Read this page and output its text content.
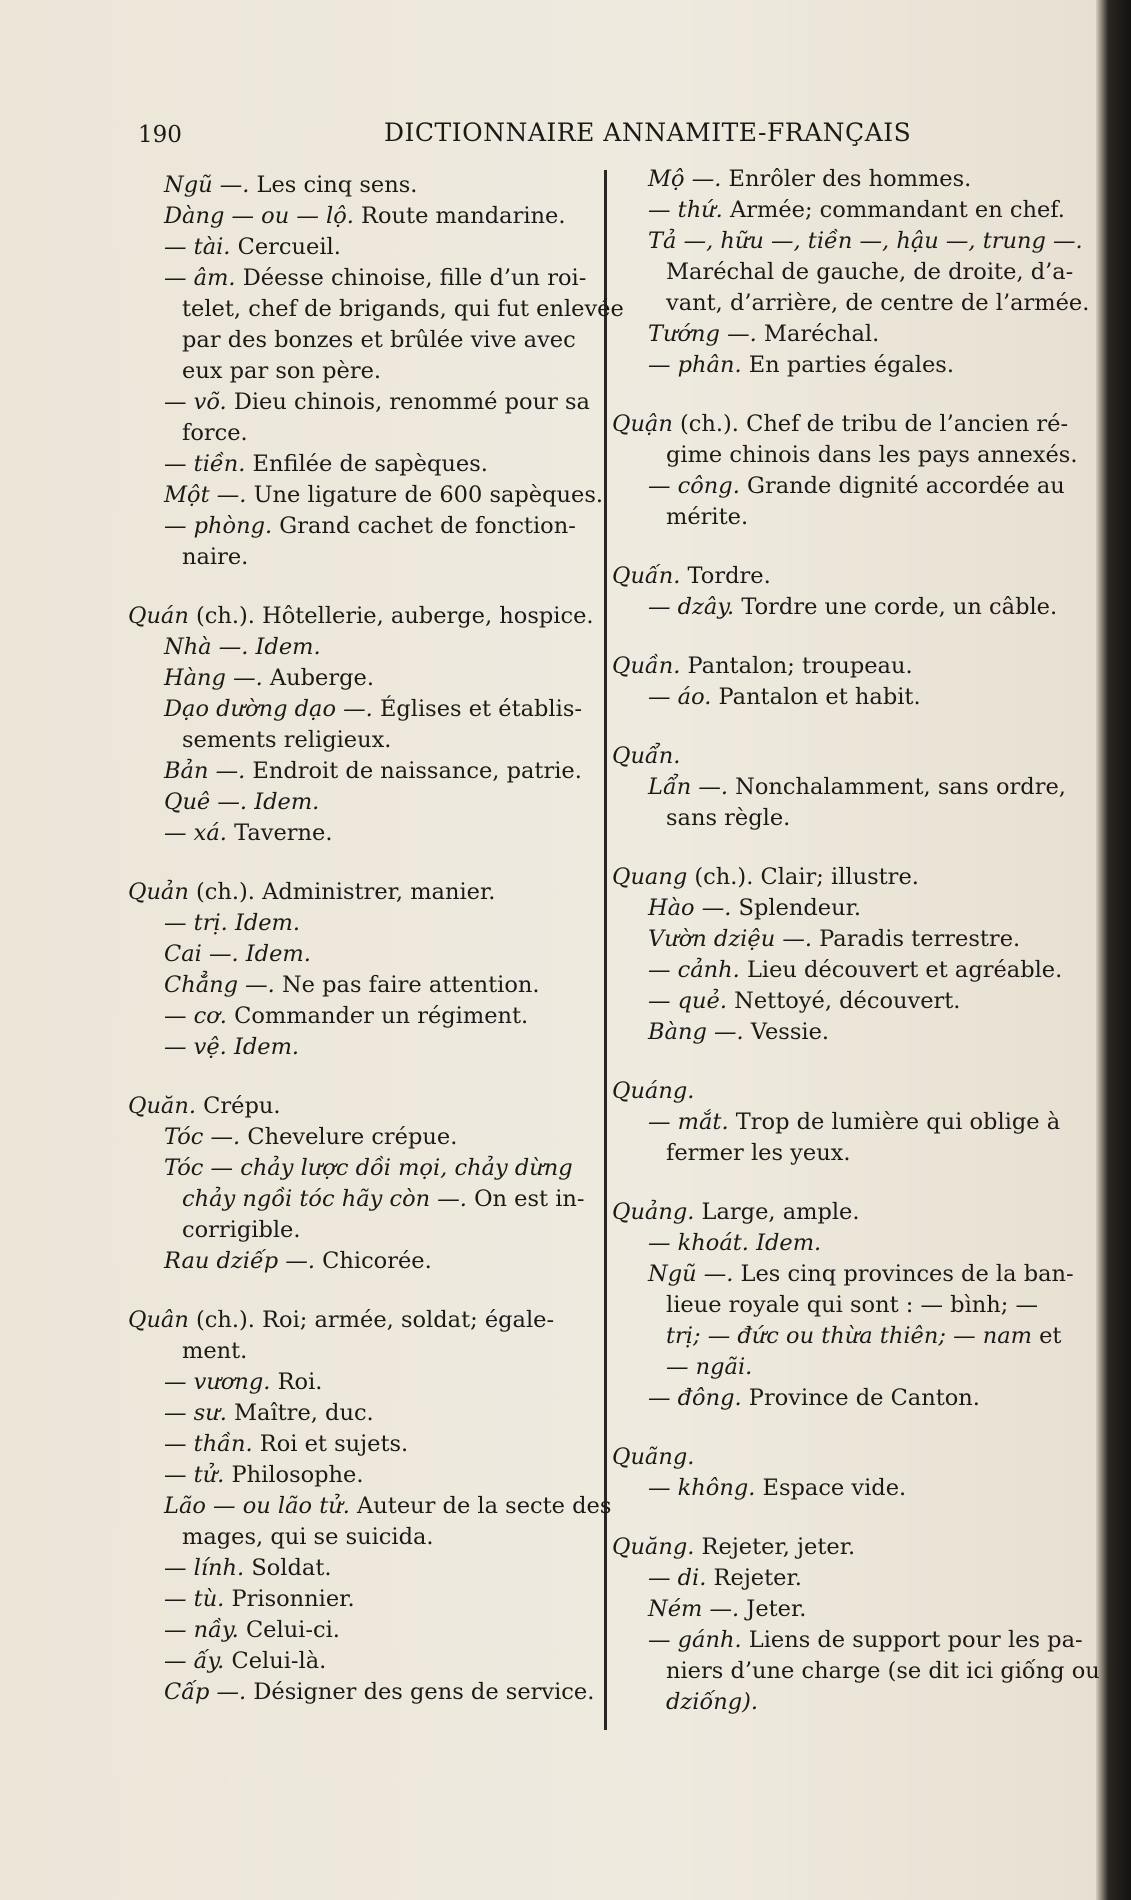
190	DICTIONNAIRE ANNAMITE-FRANÇAIS
Ngũ —. Les cinq sens.
Dàng — ou — lộ. Route mandarine.
— tài. Cercueil.
— âm. Déesse chinoise, fille d’un roi-
telet, chef de brigands, qui fut enlevée
par des bonzes et brûlée vive avec
eux par son père.
— võ. Dieu chinois, renommé pour sa
force.
— tiền. Enfilée de sapèques.
Một —. Une ligature de 600 sapèques.
— phòng. Grand cachet de fonction-
naire.
Quán (ch.). Hôtellerie, auberge, hospice.
Nhà —. Idem.
Hàng —. Auberge.
Dạo dường dạo —. Églises et établis-
sements religieux.
Bản —. Endroit de naissance, patrie.
Quê —. Idem.
— xá. Taverne.
Quản (ch.). Administrer, manier.
— trị. Idem.
Cai —. Idem.
Chẳng —. Ne pas faire attention.
— cơ. Commander un régiment.
— vệ. Idem.
Quăn. Crépu.
Tóc —. Chevelure crépue.
Tóc — chảy lược dồi mọi, chảy dừng
chảy ngồi tóc hãy còn —. On est in-
corrigible.
Rau dziếp —. Chicorée.
Quân (ch.). Roi; armée, soldat; égale-
ment.
— vương. Roi.
— sư. Maître, duc.
— thần. Roi et sujets.
— tử. Philosophe.
Lão — ou lão tử. Auteur de la secte des
mages, qui se suicida.
— lính. Soldat.
— tù. Prisonnier.
— nầy. Celui-ci.
— ấy. Celui-là.
Cấp —. Désigner des gens de service.
Mộ —. Enrôler des hommes.
— thứ. Armée; commandant en chef.
Tả —, hữu —, tiền —, hậu —, trung —.
Maréchal de gauche, de droite, d’a-
vant, d’arrière, de centre de l’armée.
Tướng —. Maréchal.
— phân. En parties égales.
Quận (ch.). Chef de tribu de l’ancien ré-
gime chinois dans les pays annexés.
— công. Grande dignité accordée au
mérite.
Quấn. Tordre.
— dzây. Tordre une corde, un câble.
Quần. Pantalon; troupeau.
— áo. Pantalon et habit.
Quẩn.
Lẩn —. Nonchalamment, sans ordre,
sans règle.
Quang (ch.). Clair; illustre.
Hào —. Splendeur.
Vườn dziệu —. Paradis terrestre.
— cảnh. Lieu découvert et agréable.
— quẻ. Nettoyé, découvert.
Bàng —. Vessie.
Quáng.
— mắt. Trop de lumière qui oblige à
fermer les yeux.
Quảng. Large, ample.
— khoát. Idem.
Ngũ —. Les cinq provinces de la ban-
lieue royale qui sont : — bình; —
trị; — đức ou thừa thiên; — nam et
— ngãi.
— đông. Province de Canton.
Quãng.
— không. Espace vide.
Quăng. Rejeter, jeter.
— di. Rejeter.
Ném —. Jeter.
— gánh. Liens de support pour les pa-
niers d’une charge (se dit ici giống ou
dziống).
